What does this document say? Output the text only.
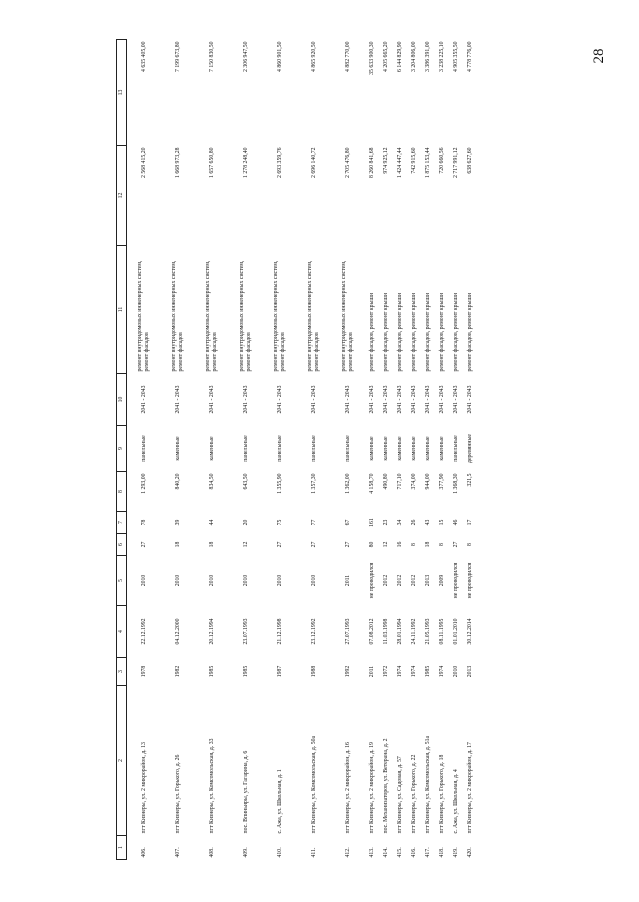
28
1	2	3	4	5	6	7	8	9	10	11	12	13
406.	пгт Кизнеры, ул. 2 микрорайон, д. 13	1978	22.12.1992	2010	27	78	1 293,00	панельные	2041 - 2043	ремонт внутридомовых инженерных систем, ремонт фасадов	2 568 415,20	4 635 405,00
407.	пгт Кизнеры, ул. Горького, д. 26	1982	04.12.2000	2010	18	39	840,20	каменные	2041 - 2043	ремонт внутридомовых инженерных систем, ремонт фасадов	1 668 973,28	7 199 673,80
408.	пгт Кизнеры, ул. Комсомольская, д. 33	1985	20.12.1994	2010	18	44	834,50	каменные	2041 - 2043	ремонт внутридомовых инженерных систем, ремонт фасадов	1 657 650,80	7 150 830,50
409.	пос. Впиньиры, ул. Гагарина, д. 6	1985	23.07.1993	2010	12	20	643,50	панельные	2041 - 2043	ремонт внутридомовых инженерных систем, ремонт фасадов	1 278 248,40	2 306 947,50
410.	с. Ажа, ул. Школьная, д. 1	1987	21.12.1998	2010	27	75	1 355,90	панельные	2041 - 2043	ремонт внутридомовых инженерных систем, ремонт фасадов	2 693 359,76	4 860 901,50
411.	пгт Кизнеры, ул. Комсомольская, д. 50а	1988	23.12.1992	2010	27	77	1 357,30	панельные	2041 - 2043	ремонт внутридомовых инженерных систем, ремонт фасадов	2 696 140,72	4 865 920,50
412.	пгт Кизнеры, ул. 2 микрорайон, д. 16	1992	27.07.1993	2011	27	67	1 362,00	панельные	2041 - 2043	ремонт внутридомовых инженерных систем, ремонт фасадов	2 705 476,80	4 882 770,00
413.	пгт Кизнеры, ул. 2 микрорайон, д. 19	2011	07.08.2012	не проводился	80	161	4 158,70	каменные	2041 - 2043	ремонт фасадов, ремонт крыши	8 260 841,68	35 633 900,30
414.	пос. Механизаторов, ул. Ветерана, д. 2	1972	11.03.1998	2012	12	23	490,80	каменные	2041 - 2043	ремонт фасадов, ремонт крыши	974 925,12	4 205 665,20
415.	пгт Кизнеры, ул. Садовая, д. 57	1974	28.01.1994	2012	16	34	717,10	каменные	2041 - 2043	ремонт фасадов, ремонт крыши	1 424 447,44	6 144 829,90
416.	пгт Кизнеры, ул. Горького, д. 22	1974	24.11.1992	2012	8	26	374,00	каменные	2041 - 2043	ремонт фасадов, ремонт крыши	742 915,60	3 204 806,00
417.	пгт Кизнеры, ул. Комсомольская, д. 51а	1985	21.05.1993	2013	18	43	944,00	каменные	2041 - 2043	ремонт фасадов, ремонт крыши	1 875 153,44	3 386 391,00
418.	пгт Кизнеры, ул. Горького, д. 18	1974	08.11.1995	2009	8	15	377,90	каменные	2041 - 2043	ремонт фасадов, ремонт крыши	720 660,56	3 238 225,10
419.	с. Ажа, ул. Школьная, д. 4	2010	01.01.2010	не проводился	27	46	1 368,30	панельные	2041 - 2043	ремонт фасадов, ремонт крыши	2 717 991,12	4 905 355,50
420.	пгт Кизнеры, ул. 2 микрорайон, д. 17	2013	30.12.2014	не проводился	8	17	321,5	деревянные	2041 - 2043	ремонт фасадов, ремонт крыши	638 627,60	4 778 776,00
